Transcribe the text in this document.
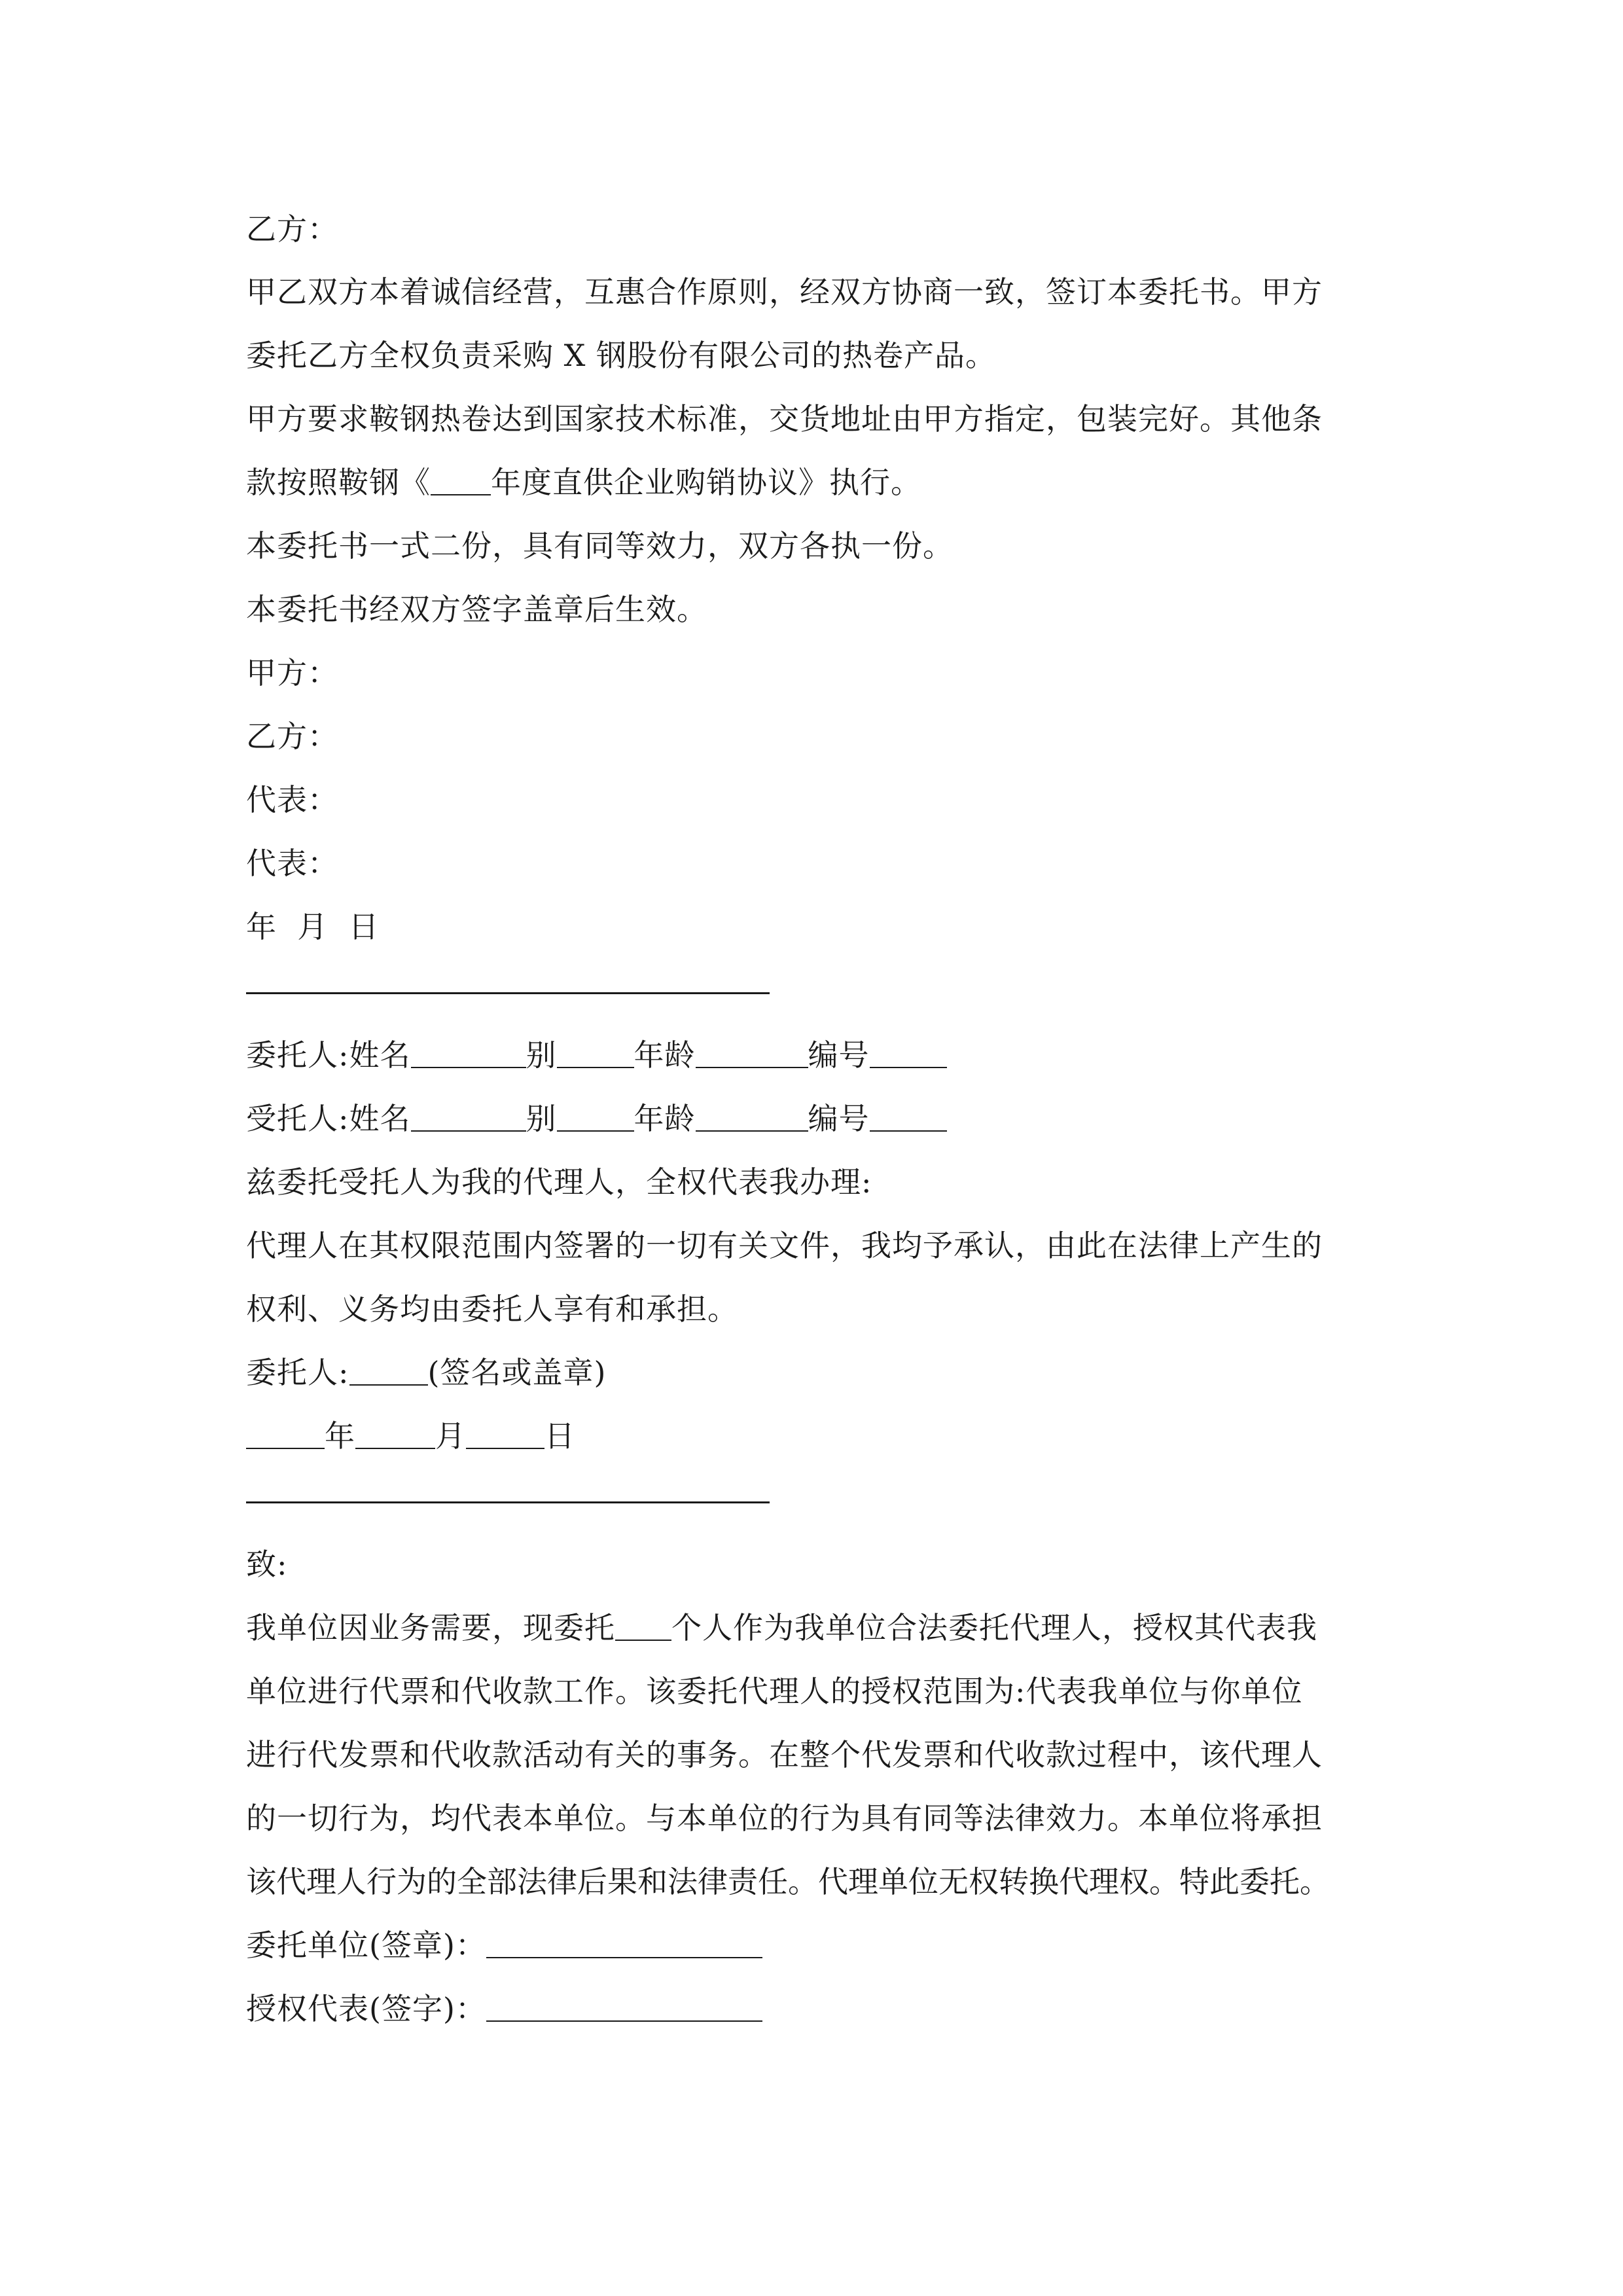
乙方：
甲乙双方本着诚信经营，互惠合作原则，经双方协商一致，签订本委托书。甲方
委托乙方全权负责采购 X 钢股份有限公司的热卷产品。
甲方要求鞍钢热卷达到国家技术标准，交货地址由甲方指定，包装完好。其他条
款按照鞍钢《 年度直供企业购销协议》执行。
本委托书一式二份，具有同等效力，双方各执一份。
本委托书经双方签字盖章后生效。
甲方：
乙方：
代表：
代表：
年  月  日
委托人:姓名	别	年龄	编号
受托人:姓名	别	年龄	编号
兹委托受托人为我的代理人，全权代表我办理:
代理人在其权限范围内签署的一切有关文件，我均予承认，由此在法律上产生的
权利、义务均由委托人享有和承担。
委托人:	(签名或盖章)
年	月	日
致:
我单位因业务需要，现委托 个人作为我单位合法委托代理人，授权其代表我
单位进行代票和代收款工作。该委托代理人的授权范围为:代表我单位与你单位
进行代发票和代收款活动有关的事务。在整个代发票和代收款过程中，该代理人
的一切行为，均代表本单位。与本单位的行为具有同等法律效力。本单位将承担
该代理人行为的全部法律后果和法律责任。代理单位无权转换代理权。特此委托。
委托单位(签章)：
授权代表(签字)：
